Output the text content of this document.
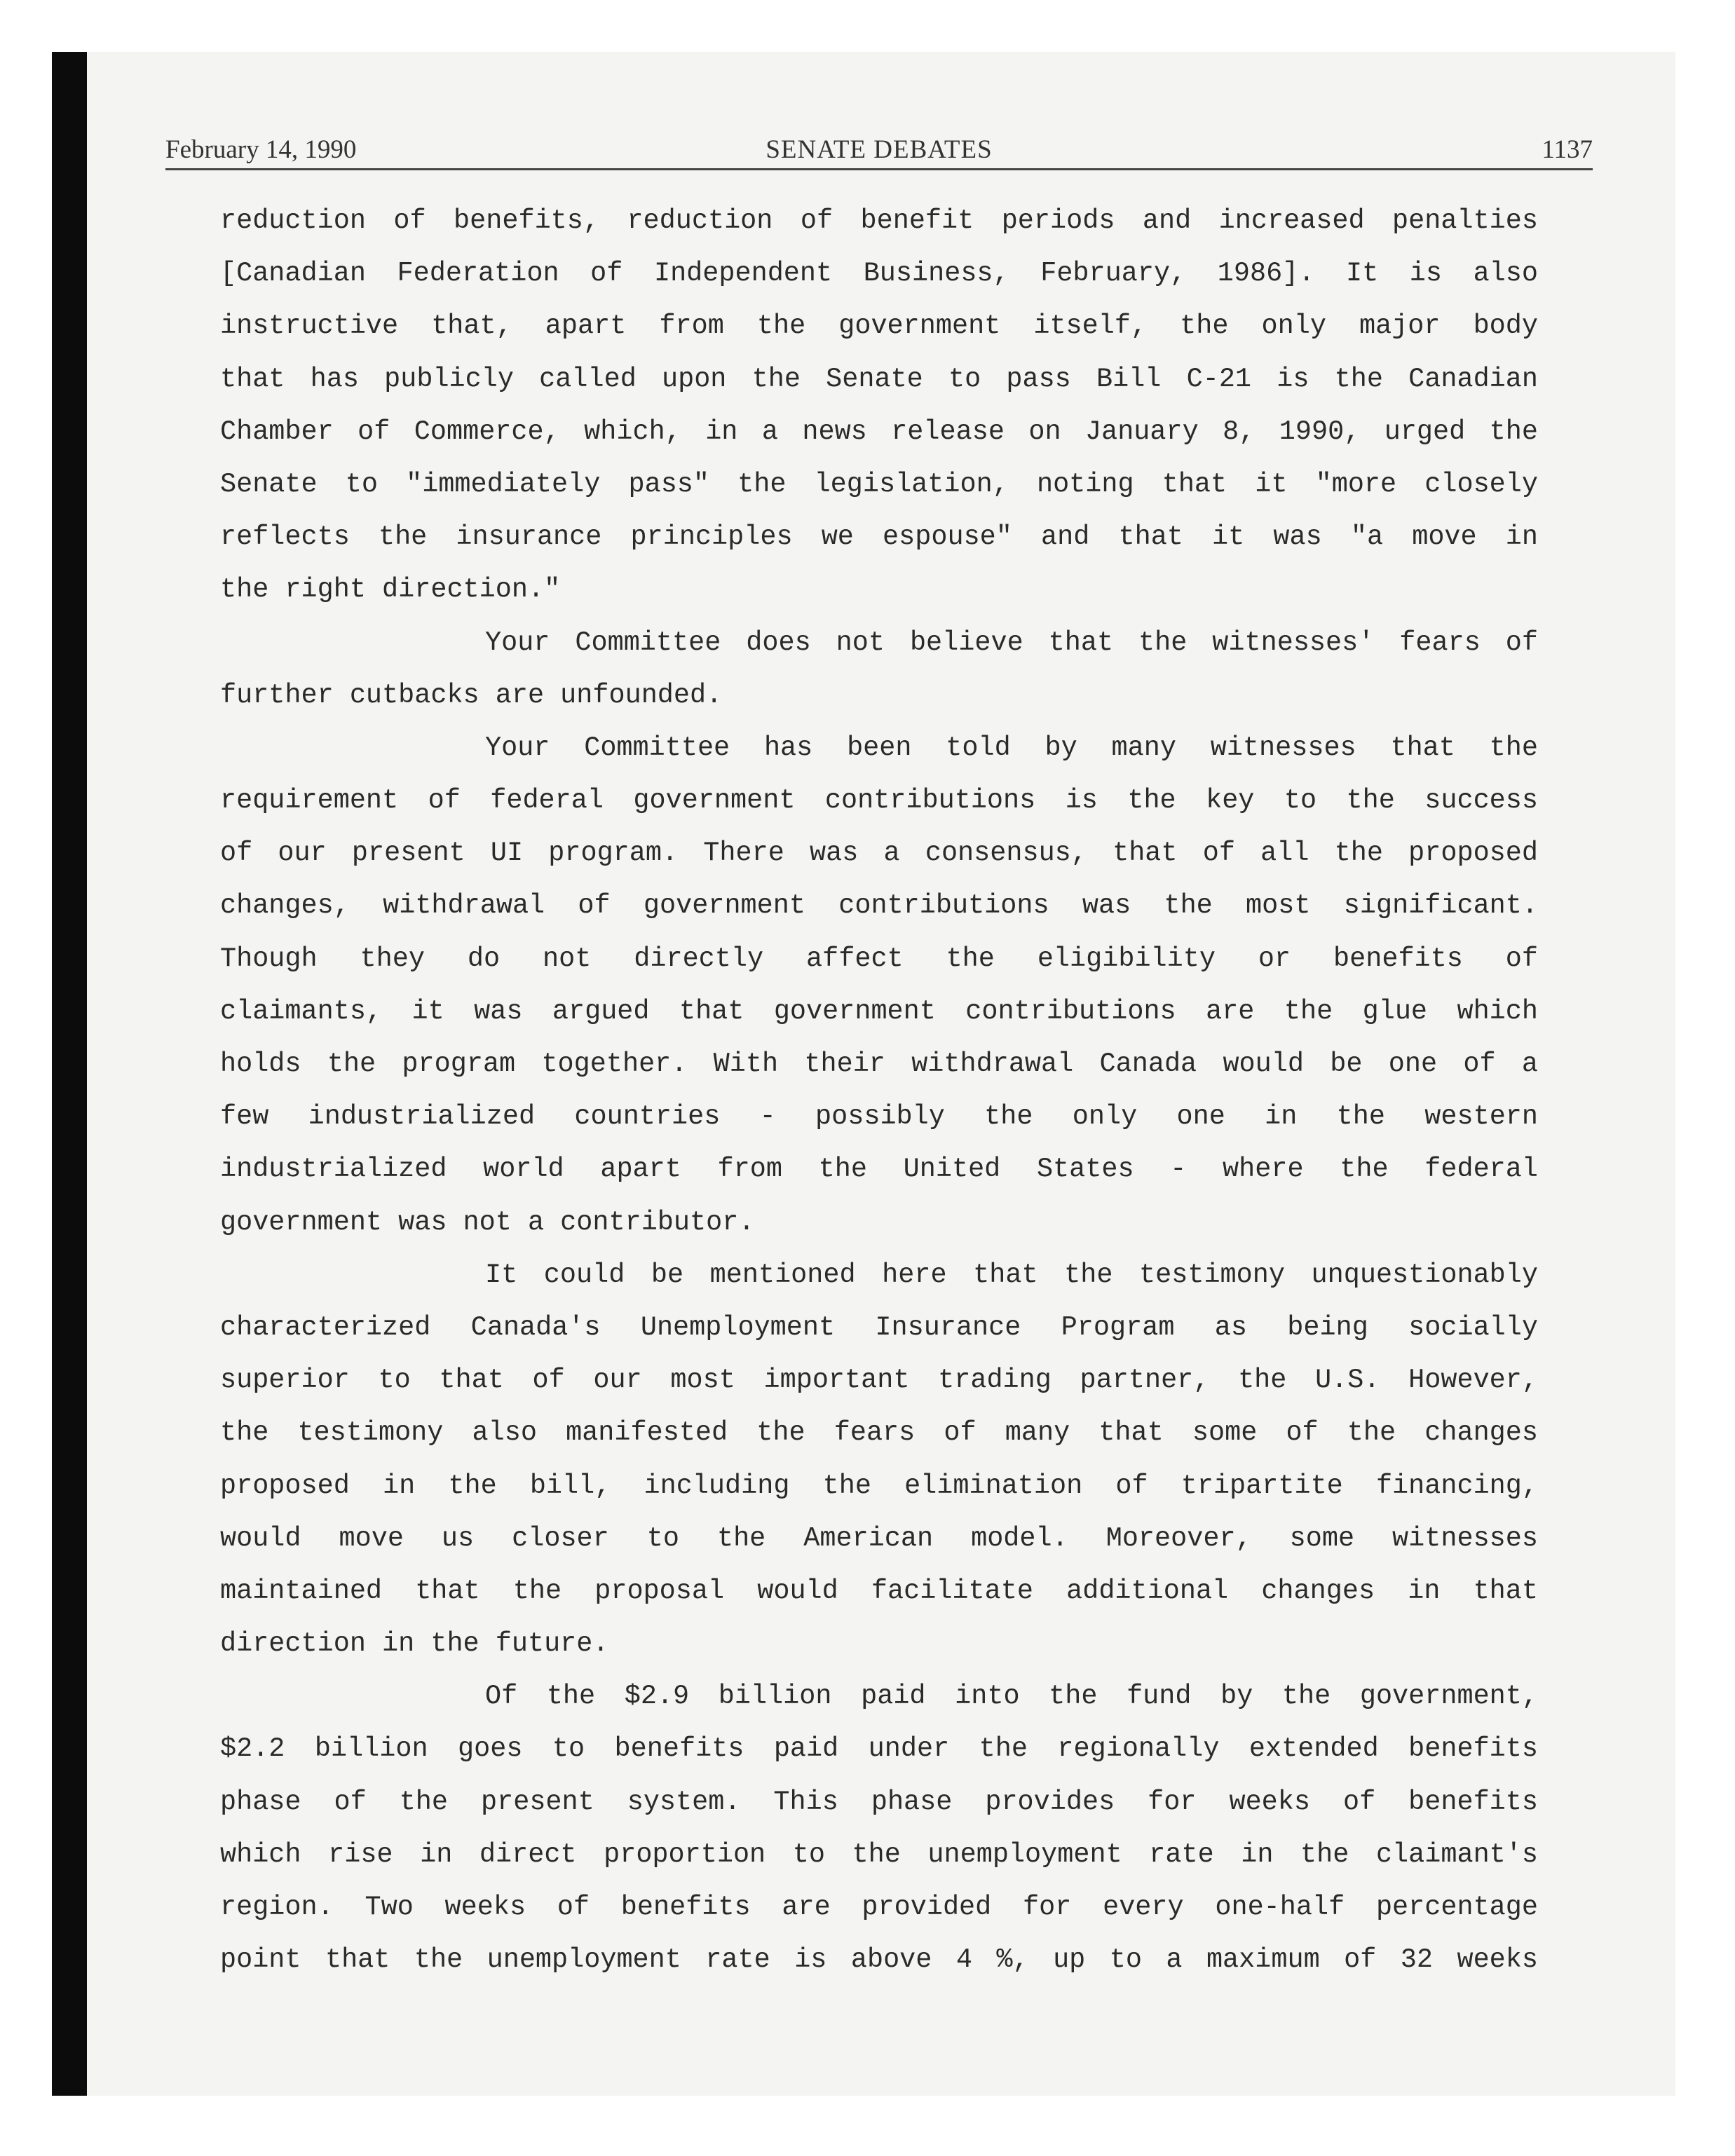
February 14, 1990	SENATE DEBATES	1137
reduction of benefits, reduction of benefit periods and increased penalties
[Canadian Federation of Independent Business, February, 1986]. It is also
instructive that, apart from the government itself, the only major body
that has publicly called upon the Senate to pass Bill C-21 is the Canadian
Chamber of Commerce, which, in a news release on January 8, 1990, urged the
Senate to "immediately pass" the legislation, noting that it "more closely
reflects the insurance principles we espouse" and that it was "a move in
the right direction."
Your Committee does not believe that the witnesses' fears of
further cutbacks are unfounded.
Your Committee has been told by many witnesses that the
requirement of federal government contributions is the key to the success
of our present UI program. There was a consensus, that of all the proposed
changes, withdrawal of government contributions was the most significant.
Though they do not directly affect the eligibility or benefits of
claimants, it was argued that government contributions are the glue which
holds the program together. With their withdrawal Canada would be one of a
few industrialized countries - possibly the only one in the western
industrialized world apart from the United States - where the federal
government was not a contributor.
It could be mentioned here that the testimony unquestionably
characterized Canada's Unemployment Insurance Program as being socially
superior to that of our most important trading partner, the U.S. However,
the testimony also manifested the fears of many that some of the changes
proposed in the bill, including the elimination of tripartite financing,
would move us closer to the American model. Moreover, some witnesses
maintained that the proposal would facilitate additional changes in that
direction in the future.
Of the $2.9 billion paid into the fund by the government,
$2.2 billion goes to benefits paid under the regionally extended benefits
phase of the present system. This phase provides for weeks of benefits
which rise in direct proportion to the unemployment rate in the claimant's
region. Two weeks of benefits are provided for every one-half percentage
point that the unemployment rate is above 4 %, up to a maximum of 32 weeks
